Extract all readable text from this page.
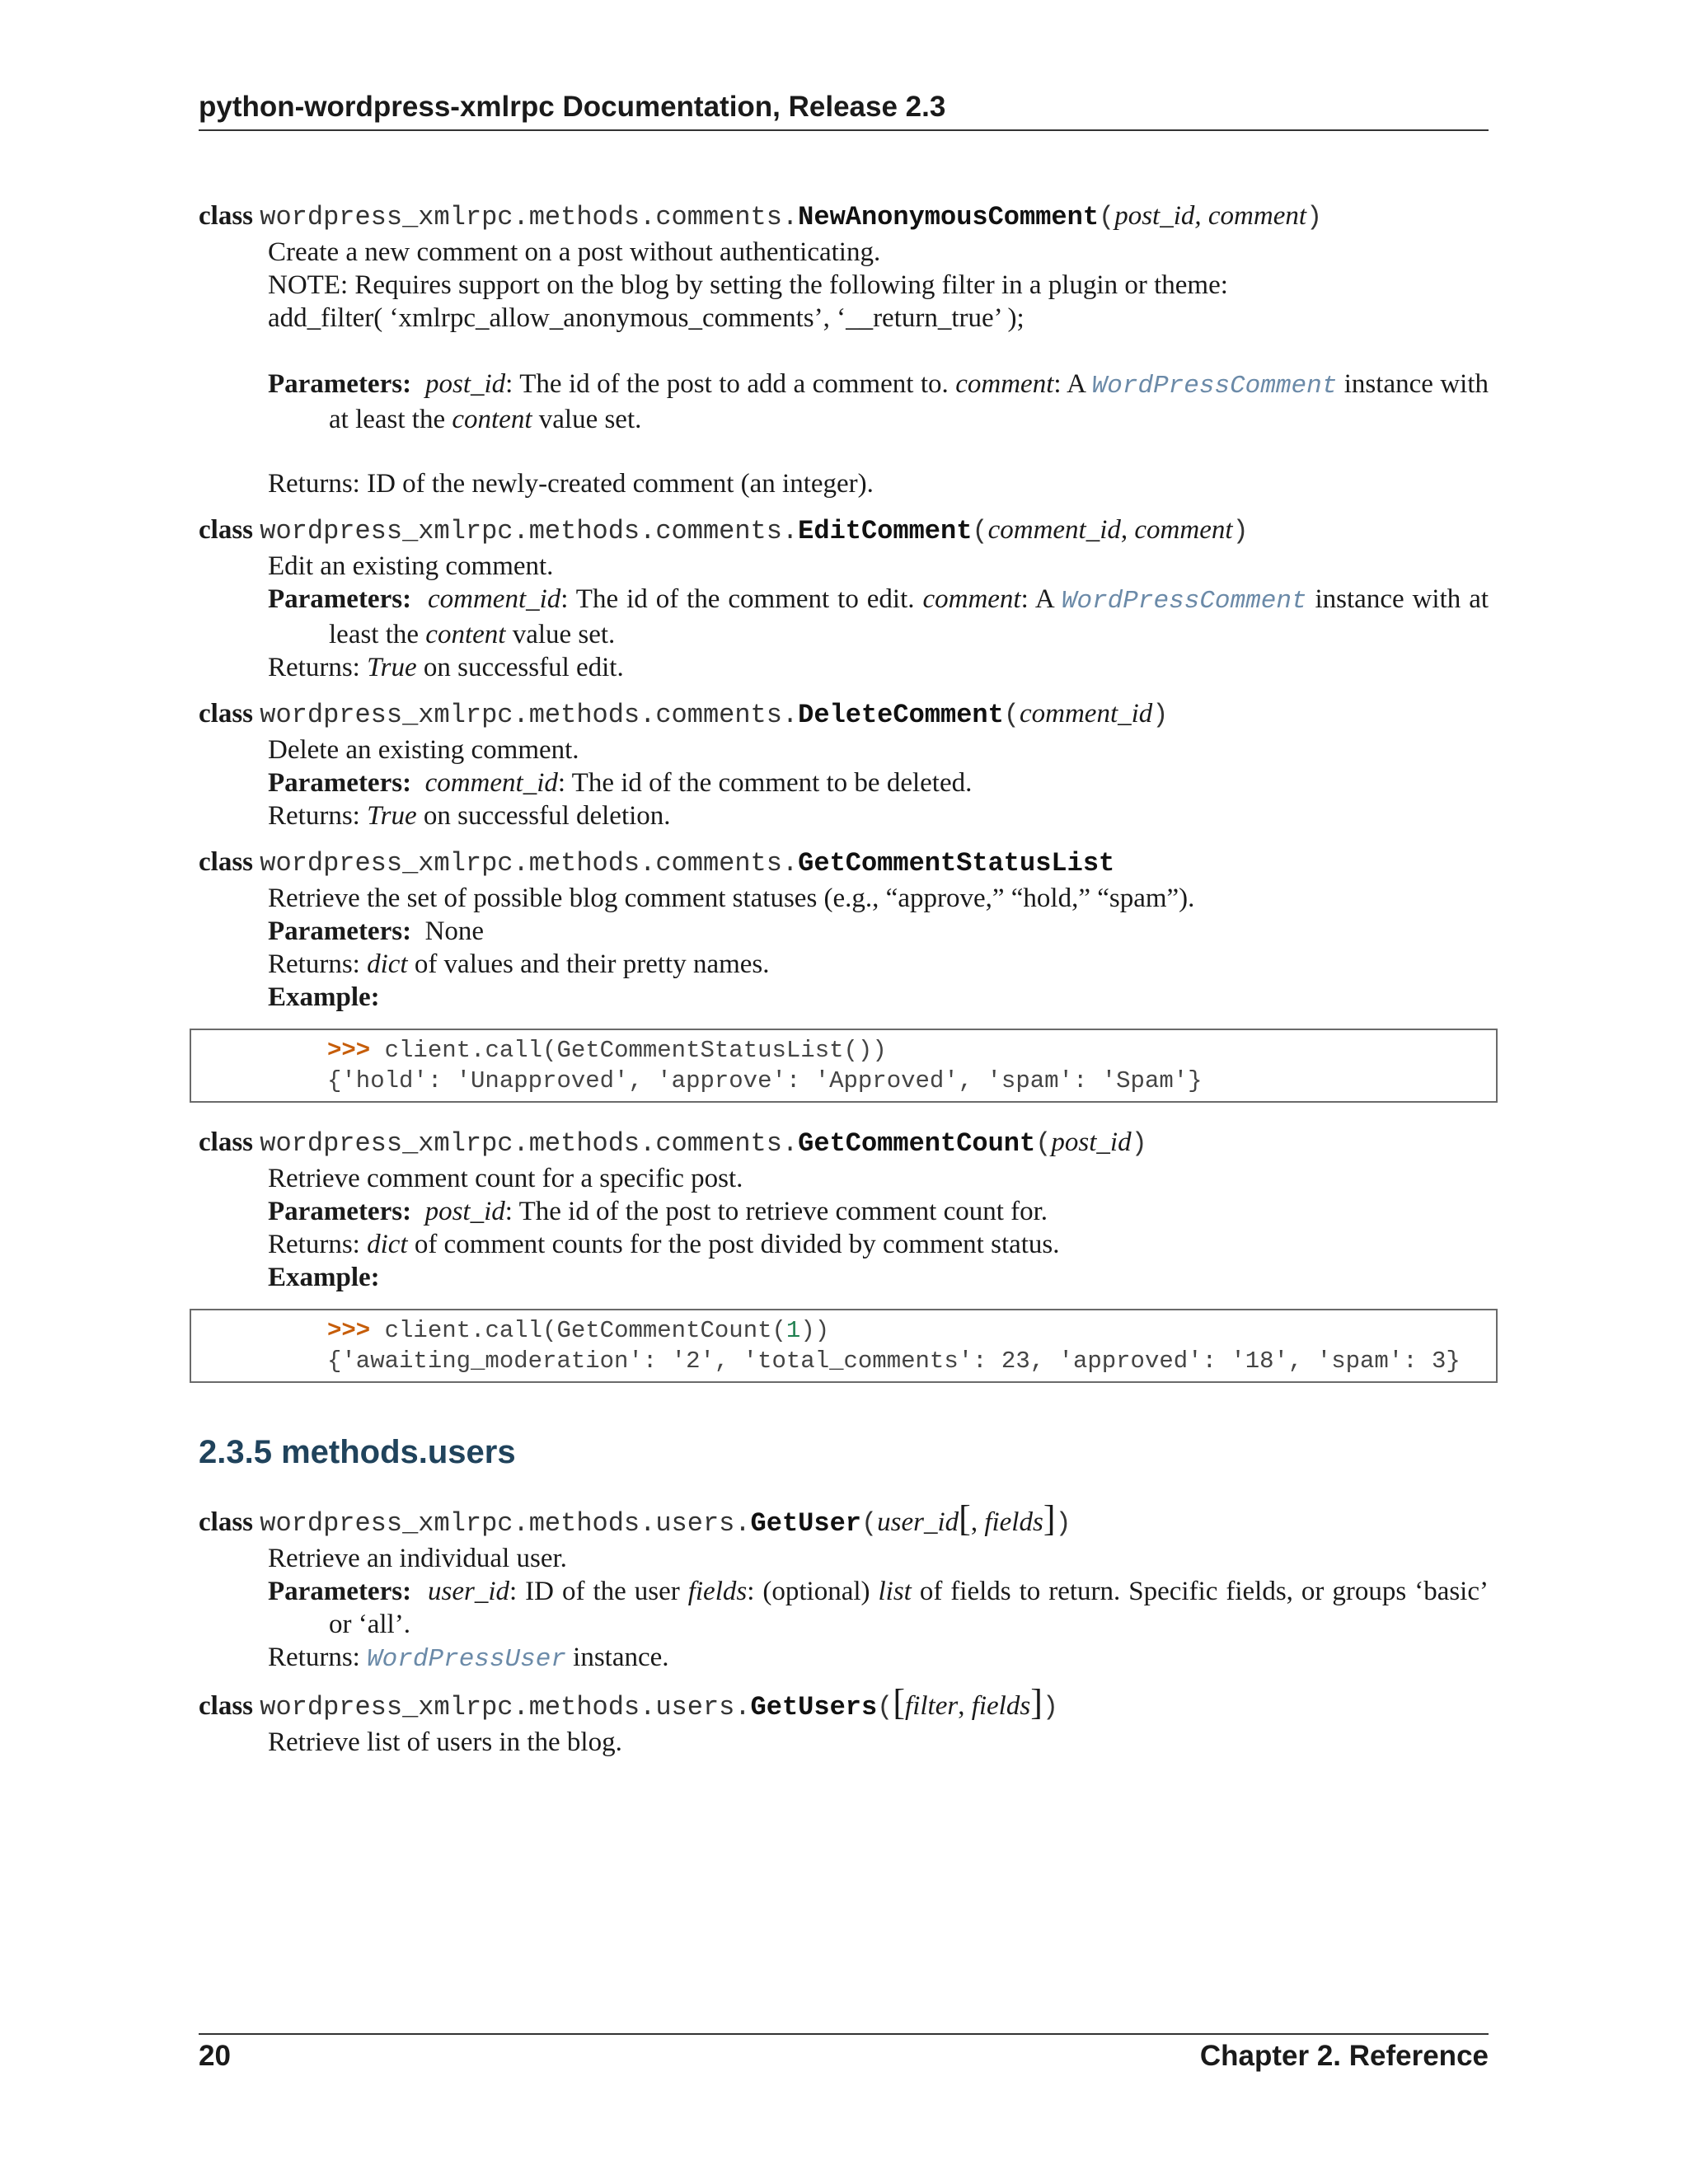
python-wordpress-xmlrpc Documentation, Release 2.3

class wordpress_xmlrpc.methods.comments.NewAnonymousComment(post_id, comment)

Create a new comment on a post without authenticating.

NOTE: Requires support on the blog by setting the following filter in a plugin or theme:

add_filter( ‘xmlrpc_allow_anonymous_comments’, ‘__return_true’ );

Parameters: post_id: The id of the post to add a comment to. comment: A WordPressComment instance with at least the content value set.

Returns: ID of the newly-created comment (an integer).

class wordpress_xmlrpc.methods.comments.EditComment(comment_id, comment)

Edit an existing comment.

Parameters: comment_id: The id of the comment to edit. comment: A WordPressComment instance with at least the content value set.

Returns: True on successful edit.

class wordpress_xmlrpc.methods.comments.DeleteComment(comment_id)

Delete an existing comment.

Parameters: comment_id: The id of the comment to be deleted.

Returns: True on successful deletion.

class wordpress_xmlrpc.methods.comments.GetCommentStatusList

Retrieve the set of possible blog comment statuses (e.g., “approve,” “hold,” “spam”).

Parameters: None

Returns: dict of values and their pretty names.

Example:

>>> client.call(GetCommentStatusList())
{'hold': 'Unapproved', 'approve': 'Approved', 'spam': 'Spam'}

class wordpress_xmlrpc.methods.comments.GetCommentCount(post_id)

Retrieve comment count for a specific post.

Parameters: post_id: The id of the post to retrieve comment count for.

Returns: dict of comment counts for the post divided by comment status.

Example:

>>> client.call(GetCommentCount(1))
{'awaiting_moderation': '2', 'total_comments': 23, 'approved': '18', 'spam': 3}
2.3.5 methods.users

class wordpress_xmlrpc.methods.users.GetUser(user_id[, fields])

Retrieve an individual user.

Parameters: user_id: ID of the user fields: (optional) list of fields to return. Specific fields, or groups ‘basic’ or ‘all’.

Returns: WordPressUser instance.

class wordpress_xmlrpc.methods.users.GetUsers([filter, fields])

Retrieve list of users in the blog.

20	Chapter 2. Reference
